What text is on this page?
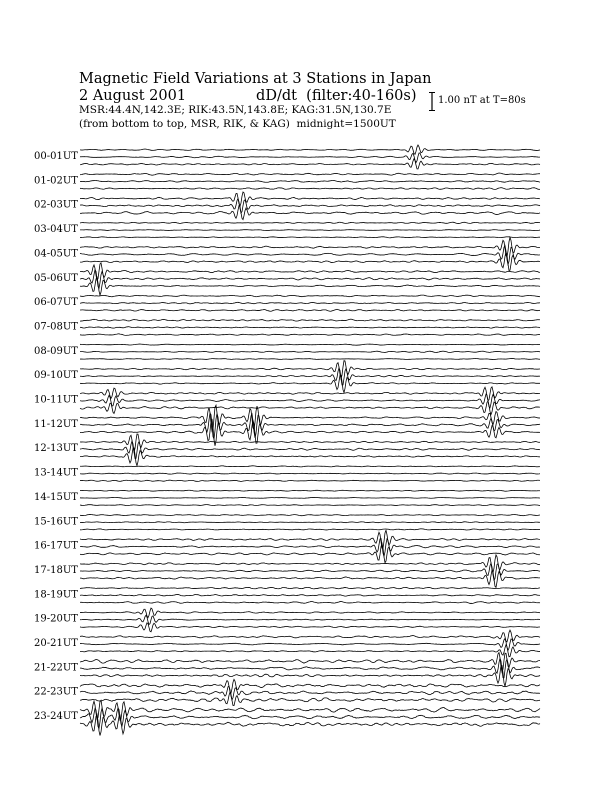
Magnetic Field Variations at 3 Stations in Japan
2 August 2001	dD/dt (filter:40-160s)
MSR:44.4N,142.3E; RIK:43.5N,143.8E; KAG:31.5N,130.7E
(from bottom to top, MSR, RIK, & KAG) midnight=1500UT
1.00 nT at T=80s
00-01UT
01-02UT
02-03UT
03-04UT
04-05UT
05-06UT
06-07UT
07-08UT
08-09UT
09-10UT
10-11UT
11-12UT
12-13UT
13-14UT
14-15UT
15-16UT
16-17UT
17-18UT
18-19UT
19-20UT
20-21UT
21-22UT
22-23UT
23-24UT
